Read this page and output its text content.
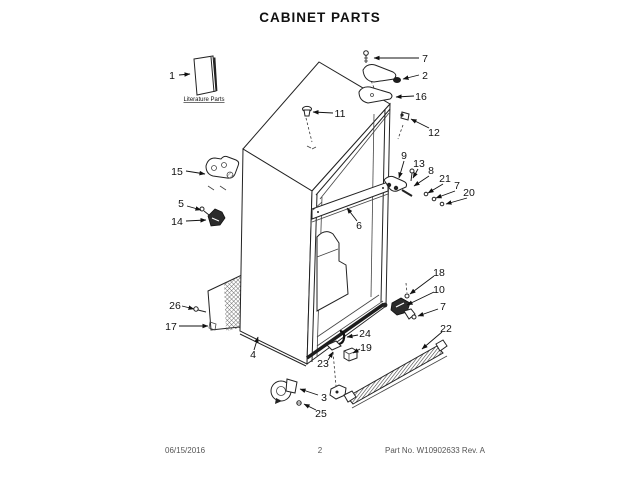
CABINET PARTS
Literature Parts
1
7
2
16
11
12
9
13
8
21
7
20
15
5
14	6
26
17
4
18
10
7
24
19
23
22
3
25
06/15/2016	2	Part No. W10902633 Rev. A
